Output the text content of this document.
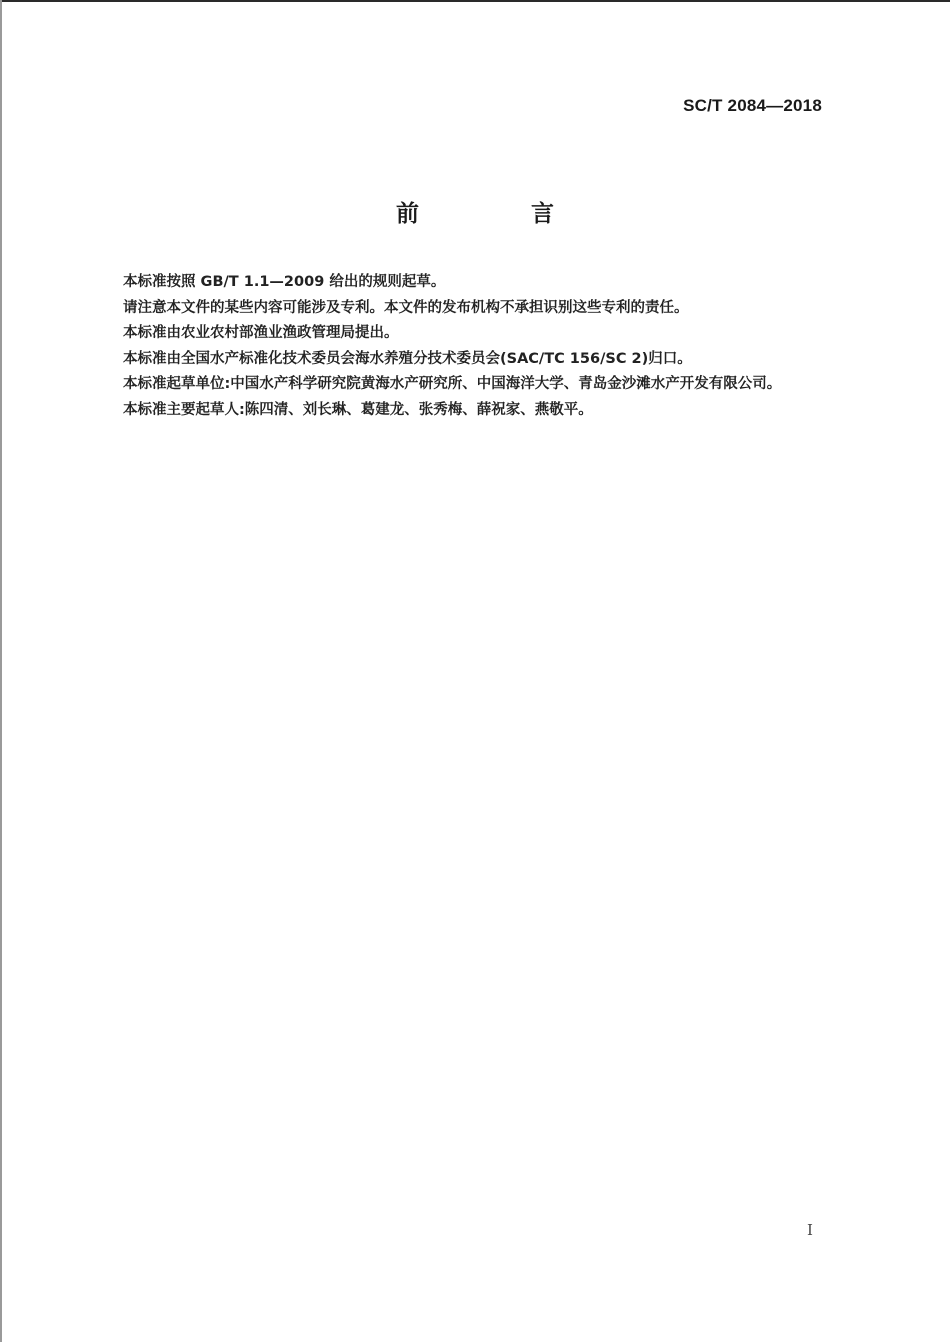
SC/T 2084—2018
前 言

本标准按照 GB/T 1.1—2009 给出的规则起草。

请注意本文件的某些内容可能涉及专利。本文件的发布机构不承担识别这些专利的责任。

本标准由农业农村部渔业渔政管理局提出。

本标准由全国水产标准化技术委员会海水养殖分技术委员会(SAC/TC 156/SC 2)归口。

本标准起草单位:中国水产科学研究院黄海水产研究所、中国海洋大学、青岛金沙滩水产开发有限公司。

本标准主要起草人:陈四清、刘长琳、葛建龙、张秀梅、薛祝家、燕敬平。

I
